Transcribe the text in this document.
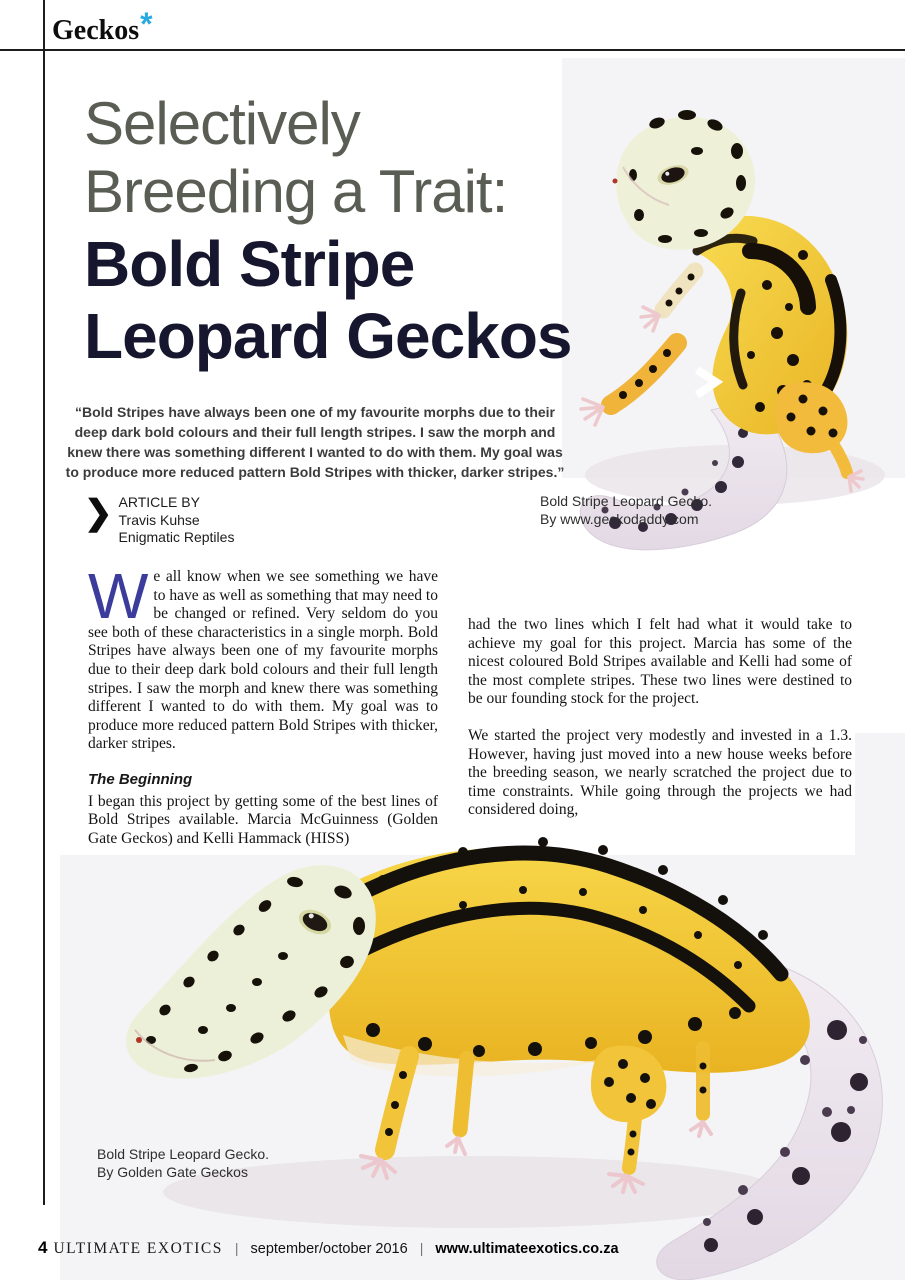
Geckos*
Selectively
Breeding a Trait:
Bold Stripe
Leopard Geckos
“Bold Stripes have always been one of my favourite morphs due to their
deep dark bold colours and their full length stripes. I saw the morph and
knew there was something different I wanted to do with them. My goal was
to produce more reduced pattern Bold Stripes with thicker, darker stripes.”
❯ ARTICLE BY
Travis Kuhse
Enigmatic Reptiles
Bold Stripe Leopard Gecko.
By www.geckodaddy.com

We all know when we see something we have to have as well as something that may need to be changed or refined. Very seldom do you see both of these characteristics in a single morph. Bold Stripes have always been one of my favourite morphs due to their deep dark bold colours and their full length stripes. I saw the morph and knew there was something different I wanted to do with them. My goal was to produce more reduced pattern Bold Stripes with thicker, darker stripes.

The Beginning

I began this project by getting some of the best lines of Bold Stripes available. Marcia McGuinness (Golden Gate Geckos) and Kelli Hammack (HISS)

had the two lines which I felt had what it would take to achieve my goal for this project. Marcia has some of the nicest coloured Bold Stripes available and Kelli had some of the most complete stripes. These two lines were destined to be our founding stock for the project.

We started the project very modestly and invested in a 1.3. However, having just moved into a new house weeks before the breeding season, we nearly scratched the project due to time constraints. While going through the projects we had considered doing,

Bold Stripe Leopard Gecko.
By Golden Gate Geckos
4 ULTIMATE EXOTICS | september/october 2016 | www.ultimateexotics.co.za
